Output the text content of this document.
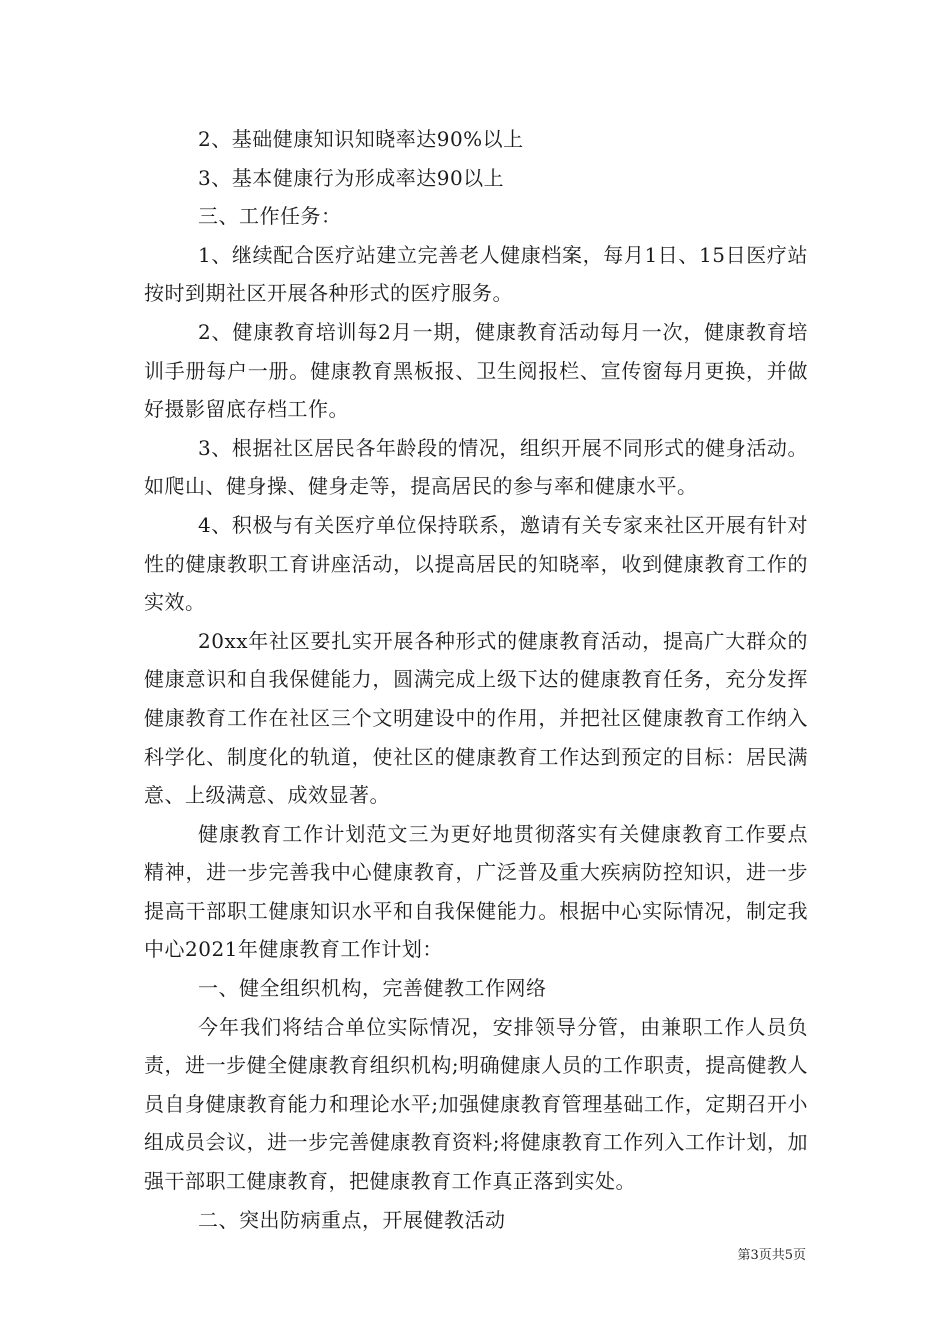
2、基础健康知识知晓率达90%以上

3、基本健康行为形成率达90以上

三、工作任务：

1、继续配合医疗站建立完善老人健康档案，每月1日、15日医疗站按时到期社区开展各种形式的医疗服务。

2、健康教育培训每2月一期，健康教育活动每月一次，健康教育培训手册每户一册。健康教育黑板报、卫生阅报栏、宣传窗每月更换，并做好摄影留底存档工作。

3、根据社区居民各年龄段的情况，组织开展不同形式的健身活动。如爬山、健身操、健身走等，提高居民的参与率和健康水平。

4、积极与有关医疗单位保持联系，邀请有关专家来社区开展有针对性的健康教职工育讲座活动，以提高居民的知晓率，收到健康教育工作的实效。

20xx年社区要扎实开展各种形式的健康教育活动，提高广大群众的健康意识和自我保健能力，圆满完成上级下达的健康教育任务，充分发挥健康教育工作在社区三个文明建设中的作用，并把社区健康教育工作纳入科学化、制度化的轨道，使社区的健康教育工作达到预定的目标：居民满意、上级满意、成效显著。

健康教育工作计划范文三为更好地贯彻落实有关健康教育工作要点精神，进一步完善我中心健康教育，广泛普及重大疾病防控知识，进一步提高干部职工健康知识水平和自我保健能力。根据中心实际情况，制定我中心2021年健康教育工作计划：

一、健全组织机构，完善健教工作网络

今年我们将结合单位实际情况，安排领导分管，由兼职工作人员负责，进一步健全健康教育组织机构;明确健康人员的工作职责，提高健教人员自身健康教育能力和理论水平;加强健康教育管理基础工作，定期召开小组成员会议，进一步完善健康教育资料;将健康教育工作列入工作计划，加强干部职工健康教育，把健康教育工作真正落到实处。

二、突出防病重点，开展健教活动

第3页共5页
